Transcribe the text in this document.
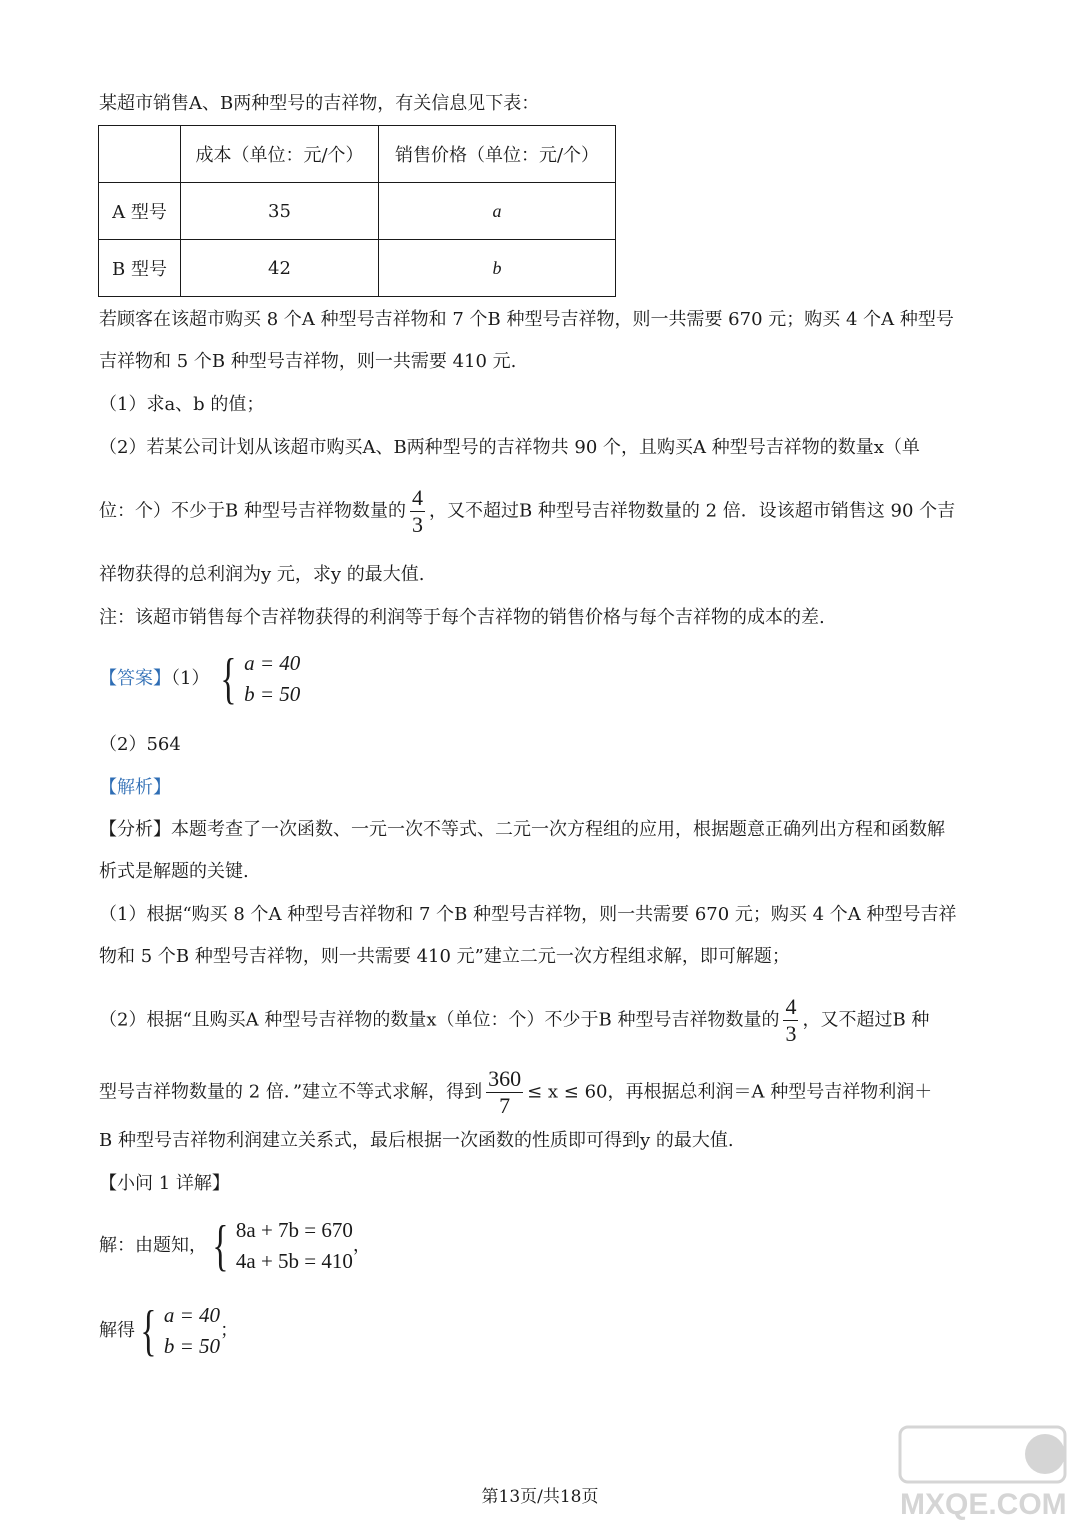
某超市销售A、B两种型号的吉祥物，有关信息见下表：
	成本（单位：元/个）	销售价格（单位：元/个）
A 型号	35	a
B 型号	42	b
若顾客在该超市购买 8 个A 种型号吉祥物和 7 个B 种型号吉祥物，则一共需要 670 元；购买 4 个A 种型号
吉祥物和 5 个B 种型号吉祥物，则一共需要 410 元.
（1）求a、b 的值；
（2）若某公司计划从该超市购买A、B两种型号的吉祥物共 90 个，且购买A 种型号吉祥物的数量x（单
位：个）不少于B 种型号吉祥物数量的 $\frac{4}{3}$ ，又不超过B 种型号吉祥物数量的 2 倍．设该超市销售这 90 个吉
祥物获得的总利润为y 元，求y 的最大值.
注：该超市销售每个吉祥物获得的利润等于每个吉祥物的销售价格与每个吉祥物的成本的差.
【答案】（1） { a = 40
b = 50
（2）564
【解析】
【分析】本题考查了一次函数、一元一次不等式、二元一次方程组的应用，根据题意正确列出方程和函数解
析式是解题的关键.
（1）根据“购买 8 个A 种型号吉祥物和 7 个B 种型号吉祥物，则一共需要 670 元；购买 4 个A 种型号吉祥
物和 5 个B 种型号吉祥物，则一共需要 410 元”建立二元一次方程组求解，即可解题；
（2）根据“且购买A 种型号吉祥物的数量x（单位：个）不少于B 种型号吉祥物数量的 $\frac{4}{3}$ ，又不超过B 种
型号吉祥物数量的 2 倍．”建立不等式求解，得到 $\frac{360}{7} \le x \le 60$，再根据总利润＝A 种型号吉祥物利润＋
B 种型号吉祥物利润建立关系式，最后根据一次函数的性质即可得到y 的最大值.
【小问 1 详解】
解：由题知， { 8a + 7b = 670
4a + 5b = 410
，
解得 { a = 40
b = 50
；
第13页/共18页	MXQE.COM
